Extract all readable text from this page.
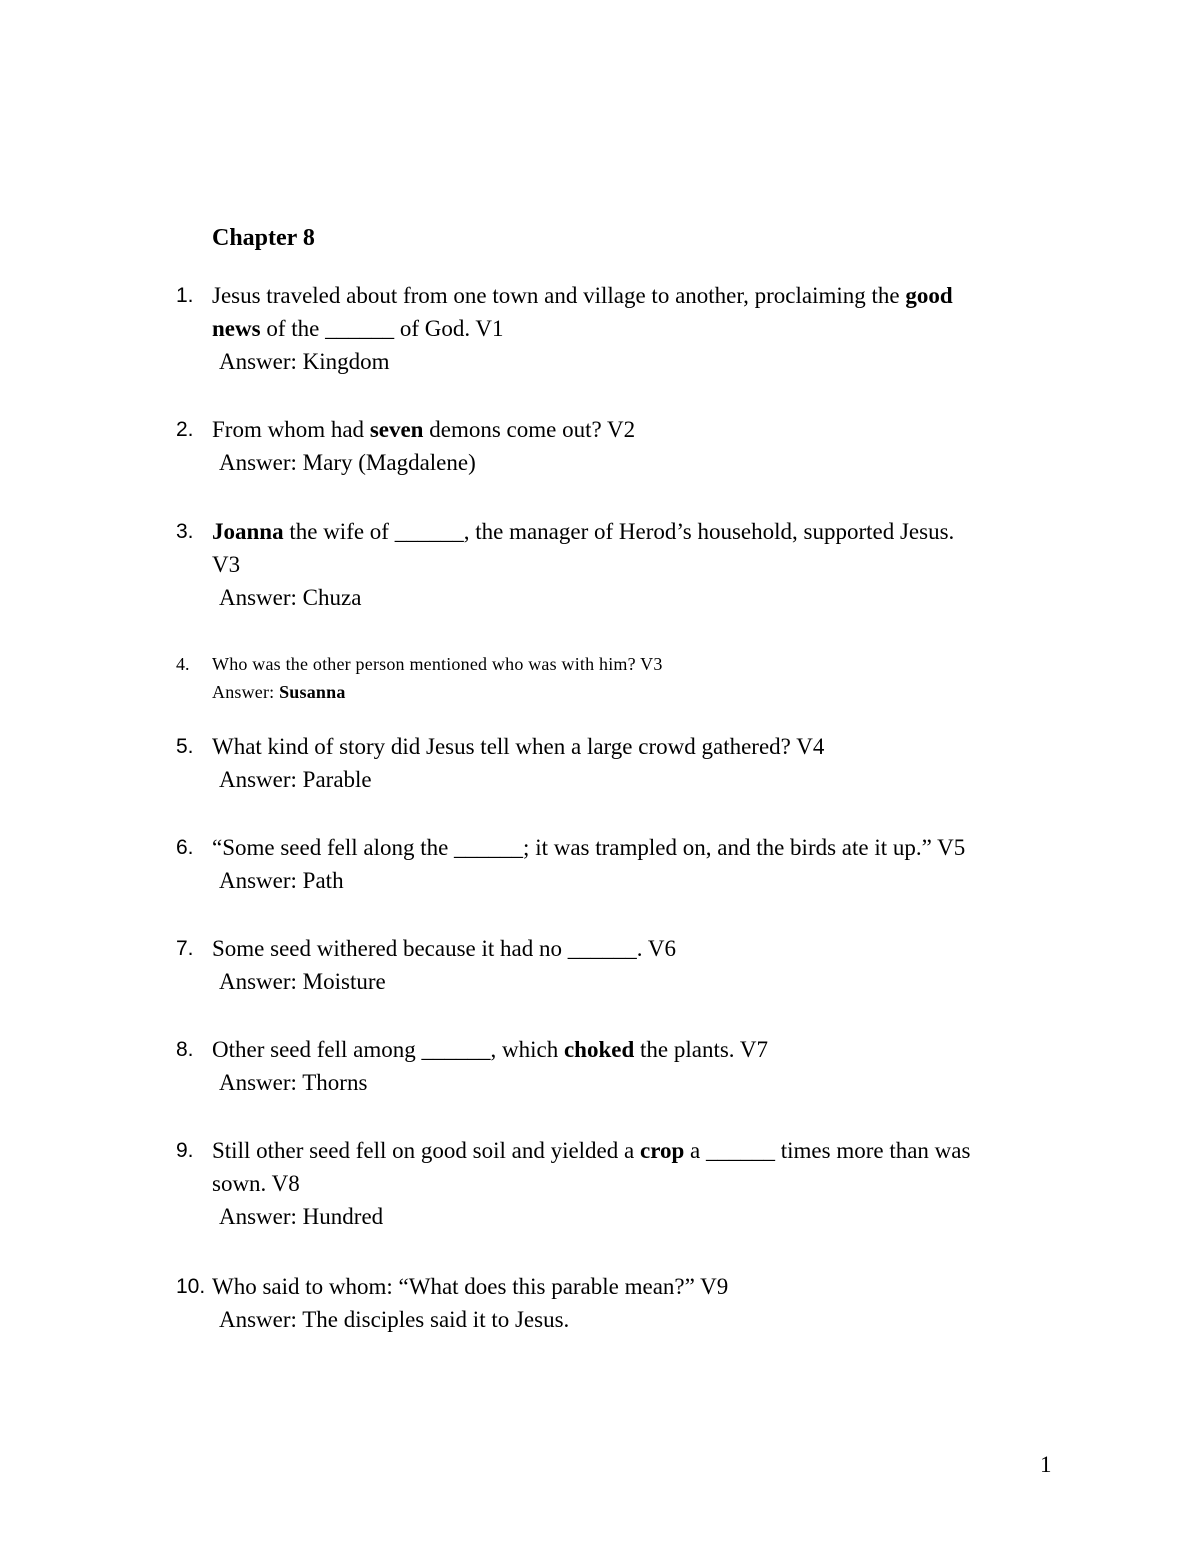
Chapter 8
1. Jesus traveled about from one town and village to another, proclaiming the good
news of the ______ of God. V1
Answer: Kingdom
2. From whom had seven demons come out? V2
Answer: Mary (Magdalene)
3. Joanna the wife of ______, the manager of Herod’s household, supported Jesus.
V3
Answer: Chuza
4. Who was the other person mentioned who was with him? V3
Answer: Susanna
5. What kind of story did Jesus tell when a large crowd gathered? V4
Answer: Parable
6. “Some seed fell along the ______; it was trampled on, and the birds ate it up.” V5
Answer: Path
7. Some seed withered because it had no ______. V6
Answer: Moisture
8. Other seed fell among ______, which choked the plants. V7
Answer: Thorns
9. Still other seed fell on good soil and yielded a crop a ______ times more than was
sown. V8
Answer: Hundred
10. Who said to whom: “What does this parable mean?” V9
Answer: The disciples said it to Jesus.
1
